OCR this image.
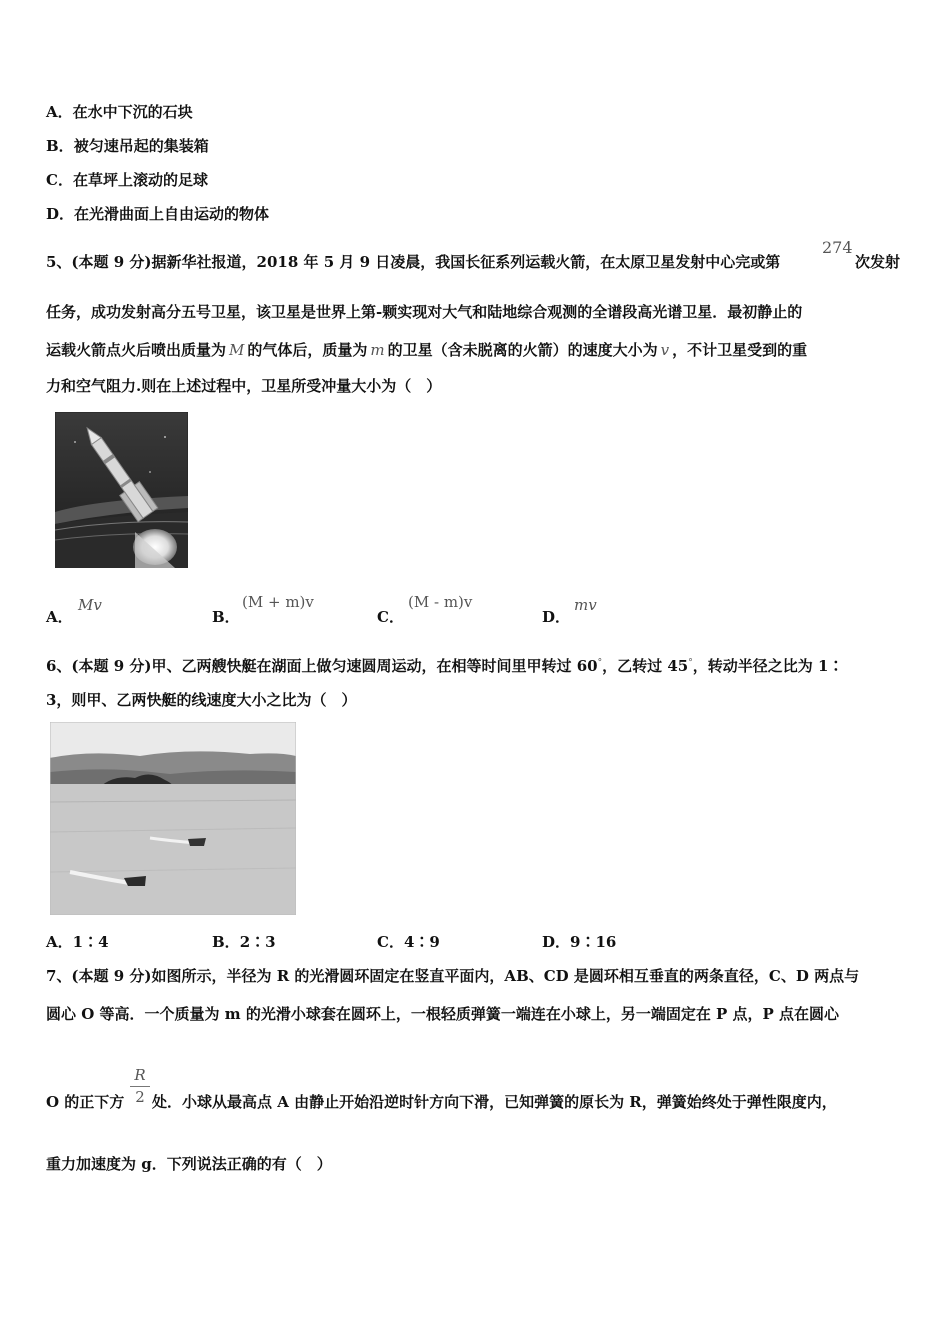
A．在水中下沉的石块
B．被匀速吊起的集装箱
C．在草坪上滚动的足球
D．在光滑曲面上自由运动的物体
5、(本题 9 分)据新华社报道，2018 年 5 月 9 日凌晨，我国长征系列运载火箭，在太原卫星发射中心完或第
274
次发射
任务，成功发射高分五号卫星，该卫星是世界上第-颗实现对大气和陆地综合观测的全谱段高光谱卫星．最初静止的
运载火箭点火后喷出质量为 M 的气体后，质量为 m 的卫星（含未脱离的火箭）的速度大小为 v ，不计卫星受到的重
力和空气阻力.则在上述过程中，卫星所受冲量大小为（　）
A．
Mv
B．
(M + m)v
C．
(M - m)v
D．
mv
6、(本题 9 分)甲、乙两艘快艇在湖面上做匀速圆周运动，在相等时间里甲转过 60°，乙转过 45°，转动半径之比为 1∶
3，则甲、乙两快艇的线速度大小之比为（　）
A．1∶4	B．2∶3	C．4∶9	D．9∶16
7、(本题 9 分)如图所示，半径为 R 的光滑圆环固定在竖直平面内，AB、CD 是圆环相互垂直的两条直径，C、D 两点与
圆心 O 等高．一个质量为 m 的光滑小球套在圆环上，一根轻质弹簧一端连在小球上，另一端固定在 P 点，P 点在圆心
O 的正下方
R
2 处．小球从最高点 A 由静止开始沿逆时针方向下滑，已知弹簧的原长为 R，弹簧始终处于弹性限度内，
重力加速度为 g．下列说法正确的有（　）
